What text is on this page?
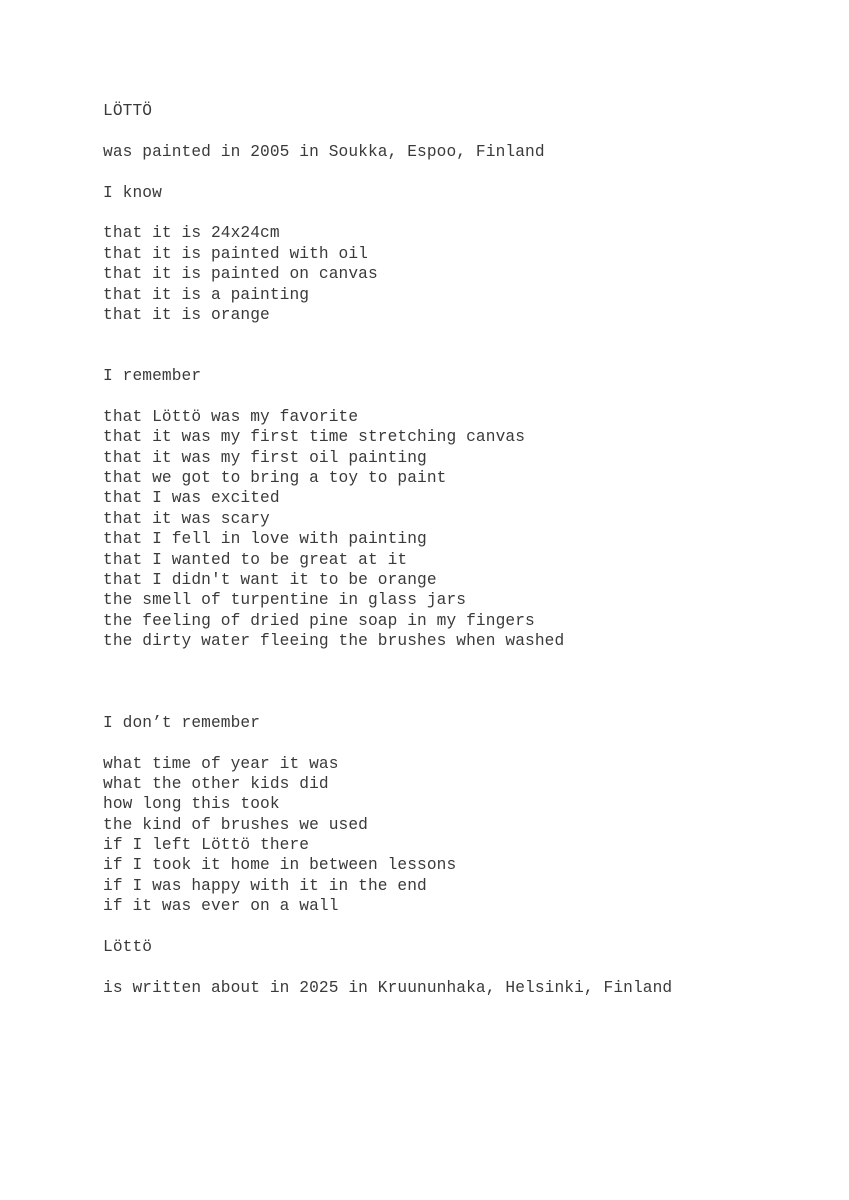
LÖTTÖ
was painted in 2005 in Soukka, Espoo, Finland
I know
that it is 24x24cm
that it is painted with oil
that it is painted on canvas
that it is a painting
that it is orange
I remember
that Löttö was my favorite
that it was my first time stretching canvas
that it was my first oil painting
that we got to bring a toy to paint
that I was excited
that it was scary
that I fell in love with painting
that I wanted to be great at it
that I didn't want it to be orange
the smell of turpentine in glass jars
the feeling of dried pine soap in my fingers
the dirty water fleeing the brushes when washed
I don’t remember
what time of year it was
what the other kids did
how long this took
the kind of brushes we used
if I left Löttö there
if I took it home in between lessons
if I was happy with it in the end
if it was ever on a wall
Löttö
is written about in 2025 in Kruununhaka, Helsinki, Finland
